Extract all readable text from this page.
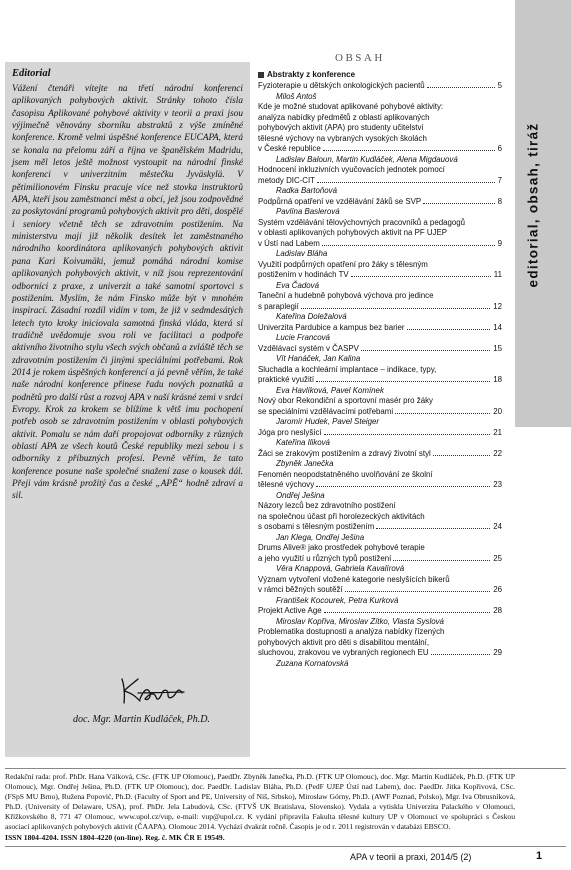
editorial, obsah, tiráž
Editorial
Vážení čtenáři vítejte na třetí národní konferenci aplikovaných pohybových aktivit. Stránky tohoto čísla časopisu Aplikované pohybové aktivity v teorii a praxi jsou výjimečně věnovány sborníku abstraktů z výše zmíněné konference. Kromě velmi úspěšné konference EUCAPA, která se konala na přelomu září a října ve španělském Madridu, jsem měl letos ještě možnost vystoupit na národní finské konferenci v univerzitním městečku Jyväskylä. V pětimilionovém Finsku pracuje více než stovka instruktorů APA, kteří jsou zaměstnanci měst a obcí, jež jsou zodpovědné za poskytování programů pohybových aktivit pro děti, dospělé i seniory včetně těch se zdravotním postižením. Na ministerstvu mají již několik desítek let zaměstnaného národního koordinátora aplikovaných pohybových aktivit pana Kari Koivumäki, jemuž pomáhá národní komise aplikovaných pohybových aktivit, v níž jsou reprezentování odborníci z praxe, z univerzit a také samotní sportovci s postižením. Myslím, že nám Finsko může být v mnohém inspirací. Zásadní rozdíl vidím v tom, že již v sedmdesátých letech tyto kroky iniciovala samotná finská vláda, která si tradičně uvědomuje svou roli ve facilitaci a podpoře aktivního životního stylu všech svých občanů a zvláště těch se zdravotním postižením či jinými speciálními potřebami. Rok 2014 je rokem úspěšných konferencí a já pevně věřím, že také naše národní konference přinese řadu nových poznatků a podnětů pro další růst a rozvoj APA v naší krásné zemi v srdci Evropy. Krok za krokem se blížíme k větš imu pochopení potřeb osob se zdravotním postižením v oblasti pohybových aktivit. Pomalu se nám daří propojovat odborníky z různých oblastí APA ze všech koutů České republiky mezi sebou i s odborníky z příbuzných profesí. Pevně věřím, že tato konference posune naše společné snažení zase o kousek dál. Přeji vám krásně prožitý čas a české „APĚ“ hodně zdraví a sil.
doc. Mgr. Martin Kudláček, Ph.D.
OBSAH
Abstrakty z konference
Fyzioterapie u dětských onkologických pacientů	5
Miloš Antoš
Kde je možné studovat aplikované pohybové aktivity:
analýza nabídky předmětů z oblasti aplikovaných
pohybových aktivit (APA) pro studenty učitelství
tělesné výchovy na vybraných vysokých školách
v České republice	6
Ladislav Baloun, Martin Kudláček, Alena Migdauová
Hodnocení inkluzivních vyučovacích jednotek pomocí
metody DIC-CIT	7
Radka Bartoňová
Podpůrná opatření ve vzdělávání žáků se SVP	8
Pavlína Baslerová
Systém vzdělávání tělovýchovných pracovníků a pedagogů
v oblasti aplikovaných pohybových aktivit na PF UJEP
v Ústí nad Labem	9
Ladislav Bláha
Využití podpůrných opatření pro žáky s tělesným
postižením v hodinách TV	11
Eva Čadová
Taneční a hudebně pohybová výchova pro jedince
s paraplegií	12
Kateřina Doležalová
Univerzita Pardubice a kampus bez barier	14
Lucie Francová
Vzdělávací systém v ČASPV	15
Vít Hanáček, Jan Kalina
Sluchadla a kochleární implantace – indikace, typy,
praktické využití	18
Eva Havlíková, Pavel Komínek
Nový obor Rekondiční a sportovní masér pro žáky
se speciálními vzdělávacími potřebami	20
Jaromír Hudek, Pavel Steiger
Jóga pro neslyšící	21
Kateřina Iliková
Žáci se zrakovým postižením a zdravý životní styl	22
Zbyněk Janečka
Fenomén neopodstatněného uvolňování ze školní
tělesné výchovy	23
Ondřej Ješina
Názory lezců bez zdravotního postižení
na společnou účast při horolezeckých aktivitách
s osobami s tělesným postižením	24
Jan Klega, Ondřej Ješina
Drums Alive® jako prostředek pohybové terapie
a jeho využití u různých typů postižení	25
Věra Knappová, Gabriela Kavalírová
Význam vytvoření vložené kategorie neslyšících bikerů
v rámci běžných soutěží	26
František Kocourek, Petra Kurková
Projekt Active Age	28
Miroslav Kopřiva, Miroslav Zítko, Vlasta Syslová
Problematika dostupnosti a analýza nabídky řízených
pohybových aktivit pro děti s disabilitou mentální,
sluchovou, zrakovou ve vybraných regionech EU	29
Zuzana Kornatovská
Redakční rada: prof. PhDr. Hana Válková, CSc. (FTK UP Olomouc), PaedDr. Zbyněk Janečka, Ph.D. (FTK UP Olomouc), doc. Mgr. Martin Kudláček, Ph.D. (FTK UP Olomouc), Mgr. Ondřej Ješina, Ph.D. (FTK UP Olomouc), doc. PaedDr. Ladislav Bláha, Ph.D. (PedF UJEP Ústí nad Labem), doc. PaedDr. Jitka Kopřivová, CSc. (FSpS MU Brno), Ružena Popović, Ph.D. (Faculty of Sport and PE, University of Niš, Srbsko), Mirosław Górny, Ph.D. (AWF Poznań, Polsko), Mgr. Iva Obrusníková, Ph.D. (University of Delaware, USA), prof. PhDr. Jela Labudová, CSc. (FTVŠ UK Bratislava, Slovensko). Vydala a vytiskla Univerzita Palackého v Olomouci, Křížkovského 8, 771 47 Olomouc, www.upol.cz/vup, e-mail: vup@upol.cz. K vydání připravila Fakulta tělesné kultury UP v Olomouci ve spolupráci s Českou asociací aplikovaných pohybových aktivit (ČAAPA). Olomouc 2014. Vychází dvakrát ročně. Časopis je od r. 2011 registrován v databázi EBSCO.
ISSN 1804-4204. ISSN 1804-4220 (on-line). Reg. č. MK ČR E 19549.
APA v teorii a praxi, 2014/5 (2)	1
